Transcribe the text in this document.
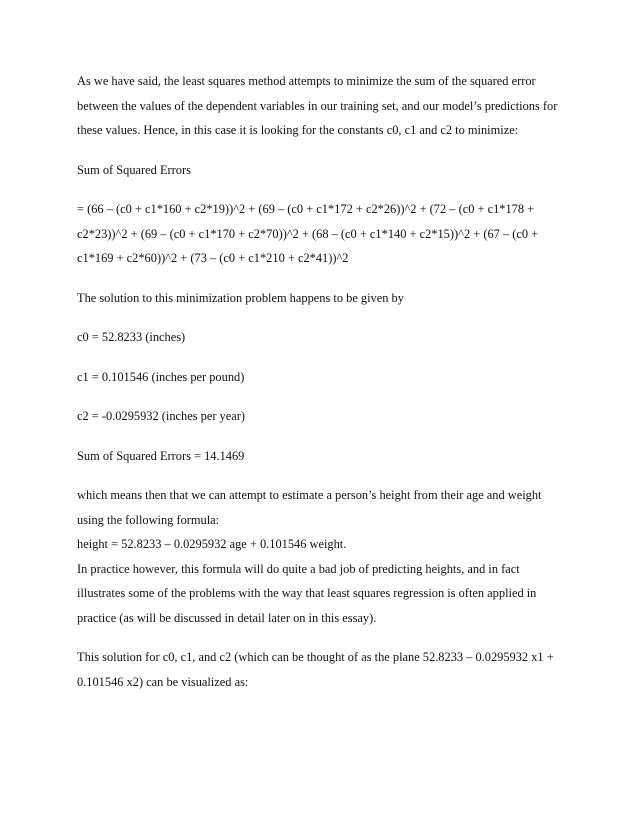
As we have said, the least squares method attempts to minimize the sum of the squared error
between the values of the dependent variables in our training set, and our model’s predictions for
these values. Hence, in this case it is looking for the constants c0, c1 and c2 to minimize:

Sum of Squared Errors

= (66 – (c0 + c1*160 + c2*19))^2 + (69 – (c0 + c1*172 + c2*26))^2 + (72 – (c0 + c1*178 +
c2*23))^2 + (69 – (c0 + c1*170 + c2*70))^2 + (68 – (c0 + c1*140 + c2*15))^2 + (67 – (c0 +
c1*169 + c2*60))^2 + (73 – (c0 + c1*210 + c2*41))^2

The solution to this minimization problem happens to be given by

c0 = 52.8233 (inches)

c1 = 0.101546 (inches per pound)

c2 = -0.0295932 (inches per year)

Sum of Squared Errors = 14.1469

which means then that we can attempt to estimate a person’s height from their age and weight
using the following formula:
height = 52.8233 – 0.0295932 age + 0.101546 weight.
In practice however, this formula will do quite a bad job of predicting heights, and in fact
illustrates some of the problems with the way that least squares regression is often applied in
practice (as will be discussed in detail later on in this essay).

This solution for c0, c1, and c2 (which can be thought of as the plane 52.8233 – 0.0295932 x1 +
0.101546 x2) can be visualized as:
